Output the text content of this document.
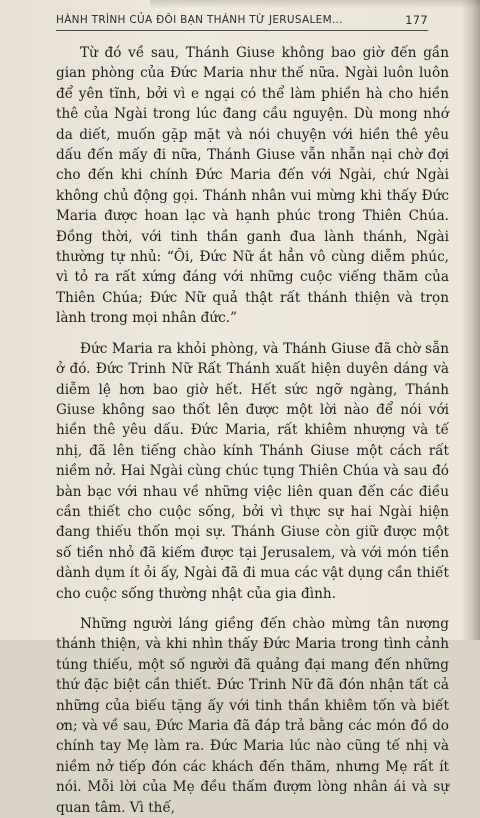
HÀNH TRÌNH CỦA ĐÔI BẠN THÁNH TỪ JERUSALEM...	177

Từ đó về sau, Thánh Giuse không bao giờ đến gần gian phòng của Đức Maria như thế nữa. Ngài luôn luôn để yên tĩnh, bởi vì e ngại có thể làm phiền hà cho hiền thê của Ngài trong lúc đang cầu nguyện. Dù mong nhớ da diết, muốn gặp mặt và nói chuyện với hiền thê yêu dấu đến mấy đi nữa, Thánh Giuse vẫn nhẫn nại chờ đợi cho đến khi chính Đức Maria đến với Ngài, chứ Ngài không chủ động gọi. Thánh nhân vui mừng khi thấy Đức Maria được hoan lạc và hạnh phúc trong Thiên Chúa. Đồng thời, với tinh thần ganh đua lành thánh, Ngài thường tự nhủ: “Ôi, Đức Nữ ắt hẳn vô cùng diễm phúc, vì tỏ ra rất xứng đáng với những cuộc viếng thăm của Thiên Chúa; Đức Nữ quả thật rất thánh thiện và trọn lành trong mọi nhân đức.”

Đức Maria ra khỏi phòng, và Thánh Giuse đã chờ sẵn ở đó. Đức Trinh Nữ Rất Thánh xuất hiện duyên dáng và diễm lệ hơn bao giờ hết. Hết sức ngỡ ngàng, Thánh Giuse không sao thốt lên được một lời nào để nói với hiền thê yêu dấu. Đức Maria, rất khiêm nhượng và tế nhị, đã lên tiếng chào kính Thánh Giuse một cách rất niềm nở. Hai Ngài cùng chúc tụng Thiên Chúa và sau đó bàn bạc với nhau về những việc liên quan đến các điều cần thiết cho cuộc sống, bởi vì thực sự hai Ngài hiện đang thiếu thốn mọi sự. Thánh Giuse còn giữ được một số tiền nhỏ đã kiếm được tại Jerusalem, và với món tiền dành dụm ít ỏi ấy, Ngài đã đi mua các vật dụng cần thiết cho cuộc sống thường nhật của gia đình.

Những người láng giềng đến chào mừng tân nương thánh thiện, và khi nhìn thấy Đức Maria trong tình cảnh túng thiếu, một số người đã quảng đại mang đến những thứ đặc biệt cần thiết. Đức Trinh Nữ đã đón nhận tất cả những của biếu tặng ấy với tinh thần khiêm tốn và biết ơn; và về sau, Đức Maria đã đáp trả bằng các món đồ do chính tay Mẹ làm ra. Đức Maria lúc nào cũng tế nhị và niềm nở tiếp đón các khách đến thăm, nhưng Mẹ rất ít nói. Mỗi lời của Mẹ đều thấm đượm lòng nhân ái và sự quan tâm. Vì thế,
